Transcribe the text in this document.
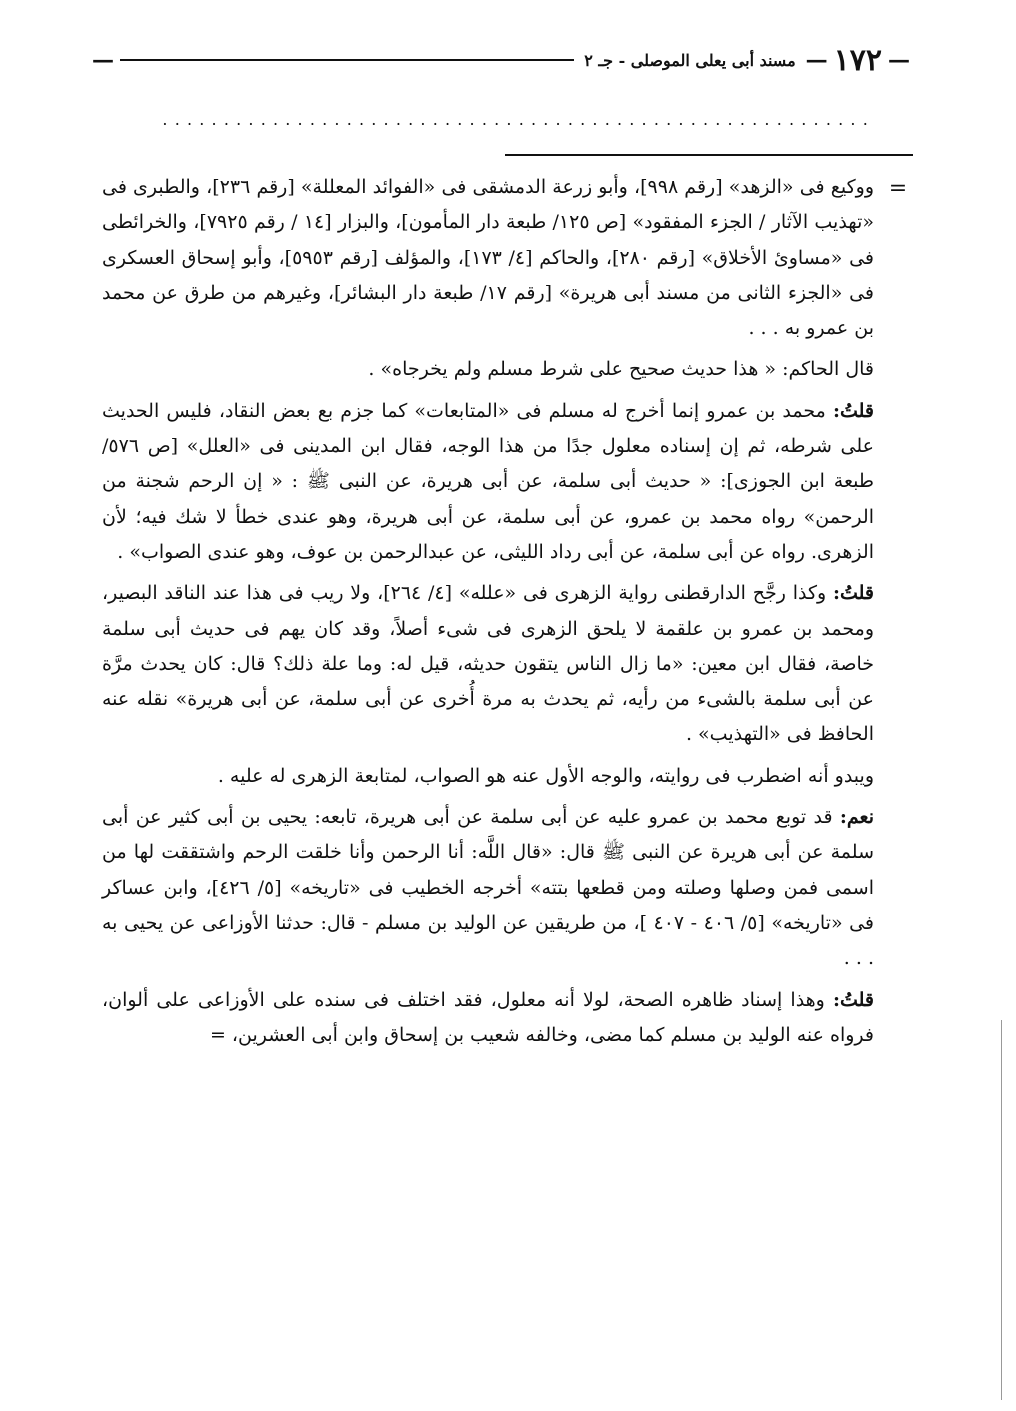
—
١٧٢
—
مسند أبى يعلى الموصلى - جـ ٢
—
..........................................................
=

ووكيع فى «الزهد» [رقم ٩٩٨]، وأبو زرعة الدمشقى فى «الفوائد المعللة» [رقم ٢٣٦]، والطبرى فى «تهذيب الآثار / الجزء المفقود» [ص ١٢٥/ طبعة دار المأمون]، والبزار [١٤ / رقم ٧٩٢٥]، والخرائطى فى «مساوئ الأخلاق» [رقم ٢٨٠]، والحاكم [٤/ ١٧٣]، والمؤلف [رقم ٥٩٥٣]، وأبو إسحاق العسكرى فى «الجزء الثانى من مسند أبى هريرة» [رقم ١٧/ طبعة دار البشائر]، وغيرهم من طرق عن محمد بن عمرو به . . .

قال الحاكم: « هذا حديث صحيح على شرط مسلم ولم يخرجاه» .

قلتُ: محمد بن عمرو إنما أخرج له مسلم فى «المتابعات» كما جزم بع بعض النقاد، فليس الحديث على شرطه، ثم إن إسناده معلول جدًا من هذا الوجه، فقال ابن المدينى فى «العلل» [ص ٥٧٦/ طبعة ابن الجوزى]: « حديث أبى سلمة، عن أبى هريرة، عن النبى ﷺ : « إن الرحم شجنة من الرحمن» رواه محمد بن عمرو، عن أبى سلمة، عن أبى هريرة، وهو عندى خطأ لا شك فيه؛ لأن الزهرى. رواه عن أبى سلمة، عن أبى رداد الليثى، عن عبدالرحمن بن عوف، وهو عندى الصواب» .

قلتُ: وكذا رجَّح الدارقطنى رواية الزهرى فى «علله» [٤/ ٢٦٤]، ولا ريب فى هذا عند الناقد البصير، ومحمد بن عمرو بن علقمة لا يلحق الزهرى فى شىء أصلاً، وقد كان يهم فى حديث أبى سلمة خاصة، فقال ابن معين: «ما زال الناس يتقون حديثه، قيل له: وما علة ذلك؟ قال: كان يحدث مرَّة عن أبى سلمة بالشىء من رأيه، ثم يحدث به مرة أُخرى عن أبى سلمة، عن أبى هريرة» نقله عنه الحافظ فى «التهذيب» .

ويبدو أنه اضطرب فى روايته، والوجه الأول عنه هو الصواب، لمتابعة الزهرى له عليه .

نعم: قد توبع محمد بن عمرو عليه عن أبى سلمة عن أبى هريرة، تابعه: يحيى بن أبى كثير عن أبى سلمة عن أبى هريرة عن النبى ﷺ قال: «قال اللَّه: أنا الرحمن وأنا خلقت الرحم واشتققت لها من اسمى فمن وصلها وصلته ومن قطعها بتته» أخرجه الخطيب فى «تاريخه» [٥/ ٤٢٦]، وابن عساكر فى «تاريخه» [٥/ ٤٠٦ - ٤٠٧ ]، من طريقين عن الوليد بن مسلم - قال: حدثنا الأوزاعى عن يحيى به . . .

قلتُ: وهذا إسناد ظاهره الصحة، لولا أنه معلول، فقد اختلف فى سنده على الأوزاعى على ألوان، فرواه عنه الوليد بن مسلم كما مضى، وخالفه شعيب بن إسحاق وابن أبى العشرين، =
